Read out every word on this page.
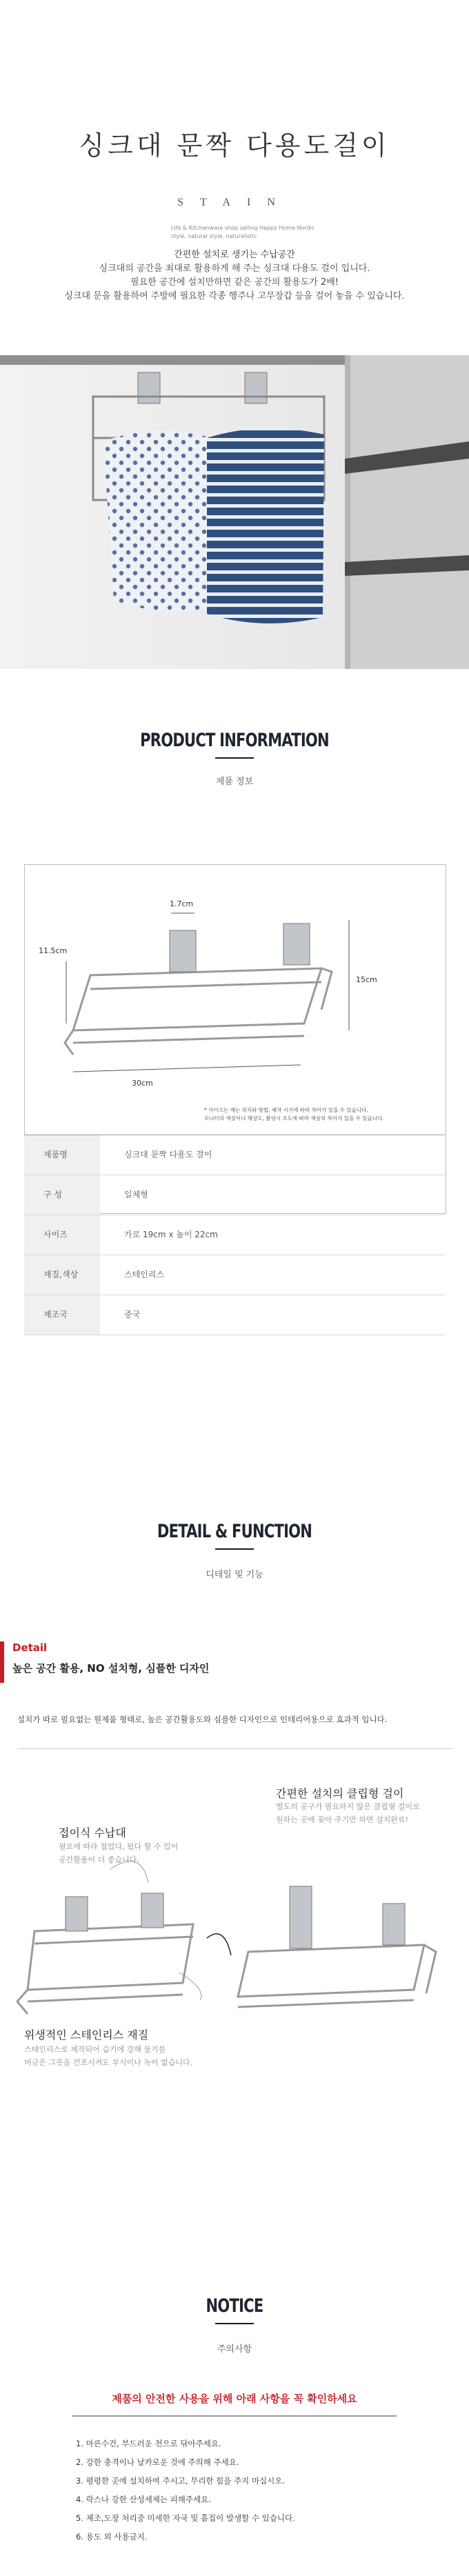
싱크대 문짝 다용도걸이
STAIN
Life & Kitchenware shop selling Happy Home Nordic style, natural style, naturalistic
간편한 설치로 생기는 수납공간
싱크대의 공간을 최대로 활용하게 해 주는 싱크대 다용도 걸이 입니다.
필요한 공간에 설치만하면 같은 공간의 활용도가 2배!
싱크대 문을 활용하여 주방에 필요한 각종 행주나 고무장갑 등을 걸어 놓을 수 있습니다.
PRODUCT INFORMATION
제품 정보
1.7cm
11.5cm
15cm
30cm
* 사이즈는 재는 위치와 방법, 제작 시기에 따라 차이가 있을 수 있습니다.
모니터의 색상이나 해상도, 촬영시 조도에 따라 색상의 차이가 있을 수 있습니다.
제품명	싱크대 문짝 다용도 걸이
구 성	일체형
사이즈	가로 19cm x 높이 22cm
재질,색상	스테인리스
제조국	중국
DETAIL & FUNCTION
디테일 및 기능
Detail
높은 공간 활용, NO 설치형, 심플한 디자인
설치가 따로 필요없는 원제품 형태로, 높은 공간활용도와 심플한 디자인으로 인테리어용으로 효과적 입니다.
간편한 설치의 클립형 걸이
별도의 공구가 필요하지 않은 클립형 걸이로
원하는 곳에 꽂아 주기만 하면 설치완료!
접이식 수납대
필요에 따라 접었다, 펐다 할 수 있어
공간활용이 더 좋습니다.
위생적인 스테인리스 재질
스테인리스로 제작되어 습기에 강해 물기를
머금은 그릇을 건조시켜도 부식이나 녹이 없습니다.
NOTICE
주의사항
제품의 안전한 사용을 위해 아래 사항을 꼭 확인하세요
1. 마른수건, 부드러운 천으로 닦아주세요.
2. 강한 충격이나 날카로운 것에 주의해 주세요.
3. 평평한 곳에 설치하여 주시고, 무리한 힘을 주지 마십시오.
4. 락스나 강한 산성세제는 피해주세요.
5. 제조,도장 처리중 미세한 자국 및 흠집이 발생할 수 있습니다.
6. 용도 외 사용금지.
